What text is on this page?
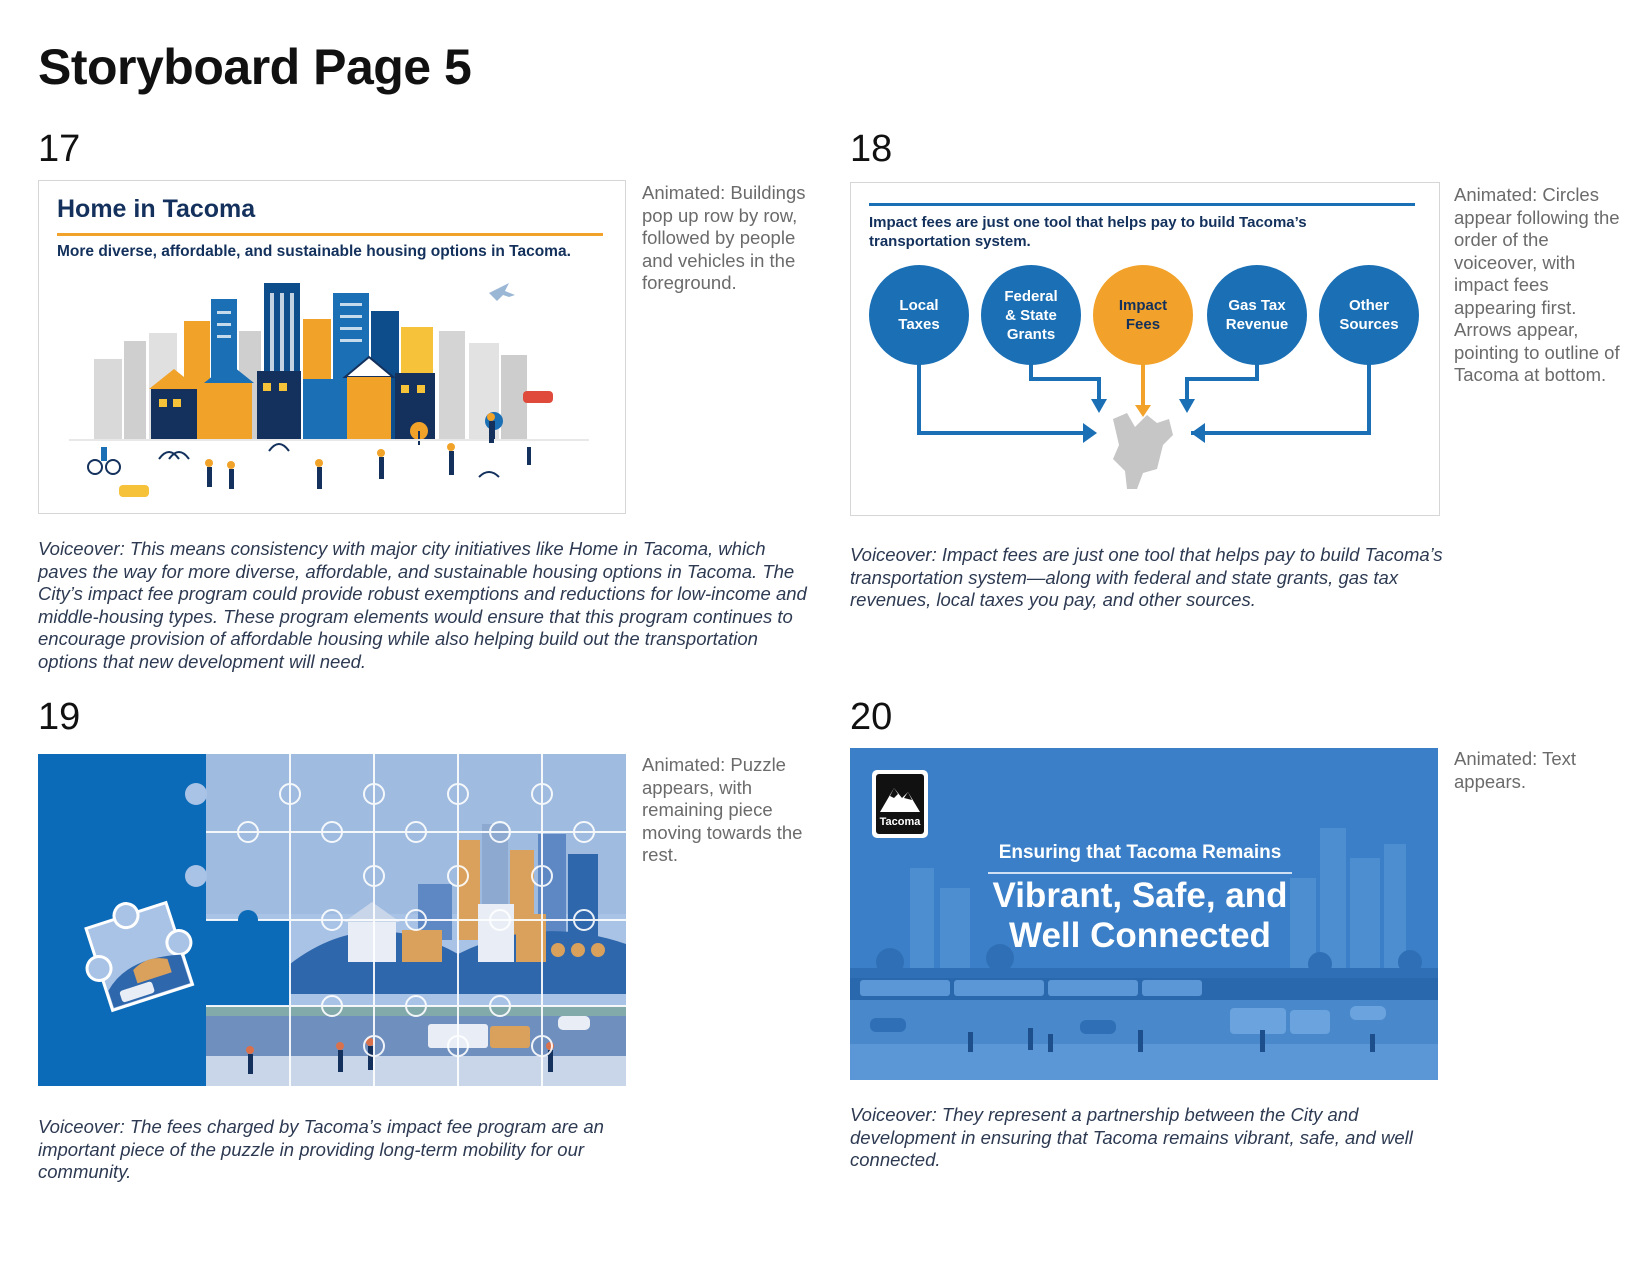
Storyboard Page 5
17
Home in Tacoma
More diverse, affordable, and sustainable housing options in Tacoma.
Animated: Buildings pop up row by row, followed by people and vehicles in the foreground.
Voiceover: This means consistency with major city initiatives like Home in Tacoma, which paves the way for more diverse, affordable, and sustainable housing options in Tacoma. The City’s impact fee program could provide robust exemptions and reductions for low-income and middle-housing types. These program elements would ensure that this program continues to encourage provision of affordable housing while also helping build out the transportation options that new development will need.
18
Impact fees are just one tool that helps pay to build Tacoma’s transportation system.
Local
Taxes
Federal
& State
Grants
Gas Tax
Revenue
Other
Sources
Impact
Fees
Animated: Circles appear following the order of the voiceover, with impact fees appearing first. Arrows appear, pointing to outline of Tacoma at bottom.
Voiceover: Impact fees are just one tool that helps pay to build Tacoma’s transportation system—along with federal and state grants, gas tax revenues, local taxes you pay, and other sources.
19
Animated: Puzzle appears, with remaining piece moving towards the rest.
Voiceover: The fees charged by Tacoma’s impact fee program are an important piece of the puzzle in providing long-term mobility for our community.
20
CITY OF
Tacoma
Ensuring that Tacoma Remains
Vibrant, Safe, and
Well Connected
Animated: Text appears.
Voiceover: They represent a partnership between the City and development in ensuring that Tacoma remains vibrant, safe, and well connected.
